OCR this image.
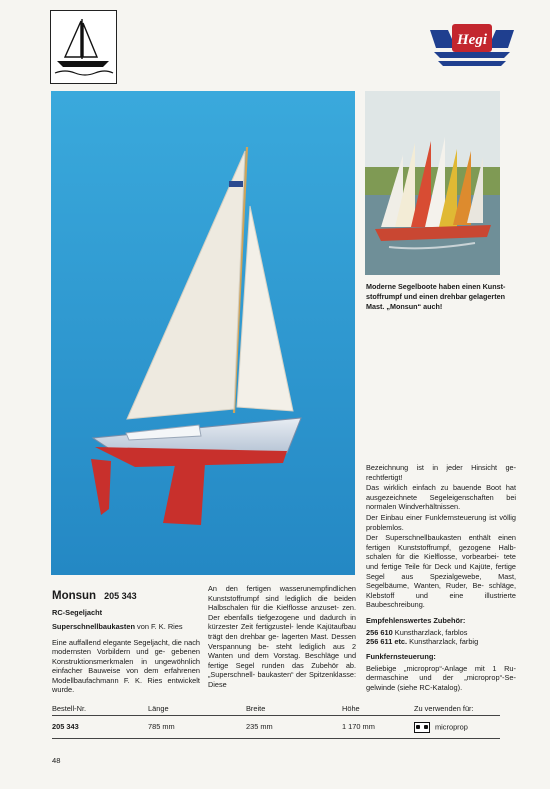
Hegi
Moderne Segelboote haben einen Kunst-
stoffrumpf und einen drehbar gelagerten
Mast. „Monsun“ auch!
Bezeichnung ist in jeder Hinsicht ge- rechtfertigt!
Das wirklich einfach zu bauende Boot hat ausgezeichnete Segeleigenschaften bei normalen Windverhältnissen.
Der Einbau einer Funkfernsteuerung ist völlig problemlos.
Der Superschnellbaukasten enthält einen fertigen Kunststoffrumpf, gezogene Halb- schalen für die Kielflosse, vorbearbei- tete und fertige Teile für Deck und Kajüte, fertige Segel aus Spezialgewebe, Mast, Segelbäume, Wanten, Ruder, Be- schläge, Klebstoff und eine illustrierte Baubeschreibung.
Empfehlenswertes Zubehör:
256 610 Kunstharzlack, farblos
256 611 etc. Kunstharzlack, farbig
Funkfernsteuerung:
Beliebige „microprop“-Anlage mit 1 Ru- dermaschine und der „microprop“-Se- gelwinde (siehe RC-Katalog).
Monsun 205 343
RC-Segeljacht
Superschnellbaukasten von F. K. Ries
Eine auffallend elegante Segeljacht, die nach modernsten Vorbildern und ge- gebenen Konstruktionsmerkmalen in ungewöhnlich einfacher Bauweise von dem erfahrenen Modellbaufachmann F. K. Ries entwickelt wurde.
An den fertigen wasserunempfindlichen Kunststoffrumpf sind lediglich die beiden Halbschalen für die Kielflosse anzuset- zen. Der ebenfalls tiefgezogene und dadurch in kürzester Zeit fertigzustel- lende Kajütaufbau trägt den drehbar ge- lagerten Mast. Dessen Verspannung be- steht lediglich aus 2 Wanten und dem Vorstag. Beschläge und fertige Segel runden das Zubehör ab. „Superschnell- baukasten“ der Spitzenklasse: Diese
Bestell-Nr.	Länge	Breite	Höhe	Zu verwenden für:
205 343	785 mm	235 mm	1 170 mm	microprop
48
